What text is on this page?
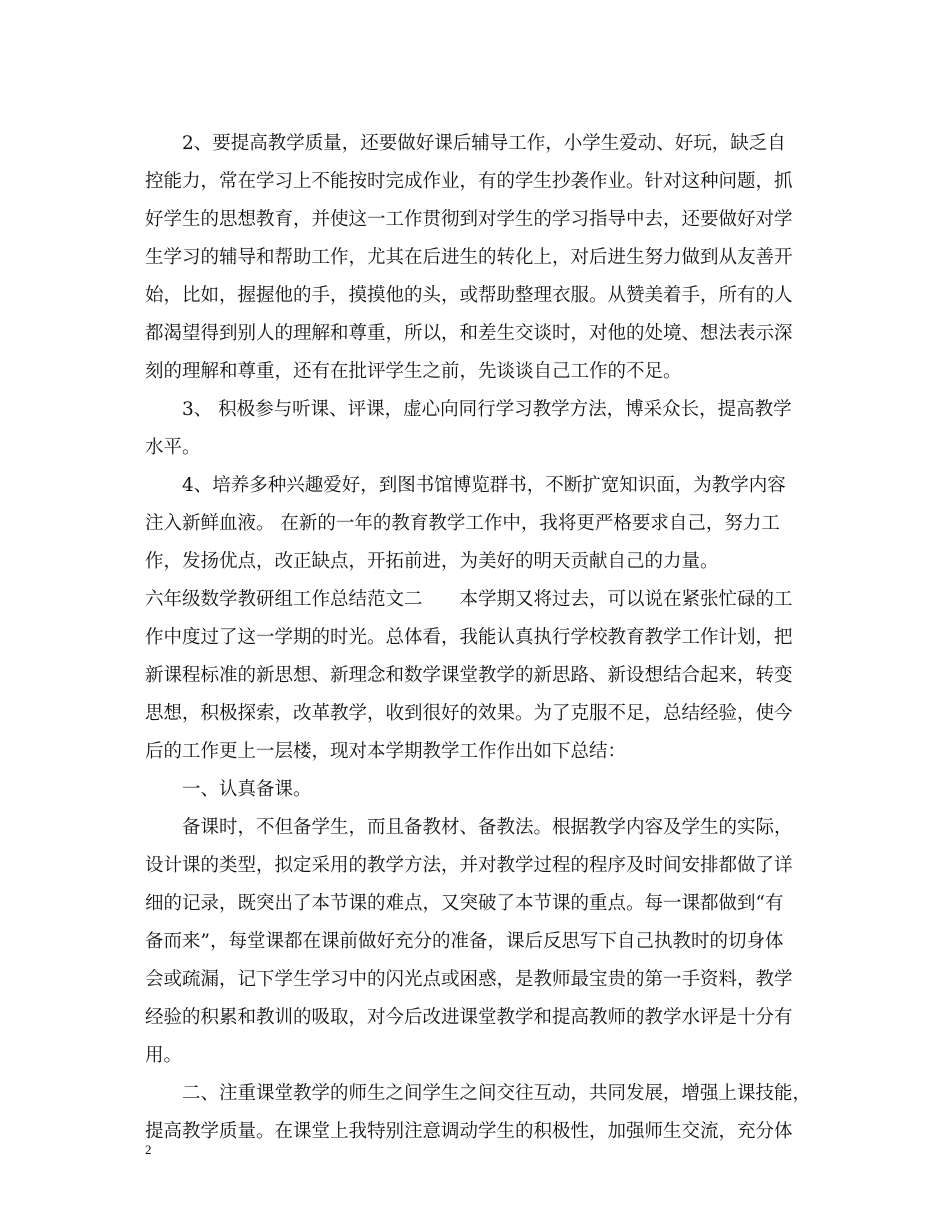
2、要提高教学质量，还要做好课后辅导工作，小学生爱动、好玩，缺乏自
控能力，常在学习上不能按时完成作业，有的学生抄袭作业。针对这种问题，抓
好学生的思想教育，并使这一工作贯彻到对学生的学习指导中去，还要做好对学
生学习的辅导和帮助工作，尤其在后进生的转化上，对后进生努力做到从友善开
始，比如，握握他的手，摸摸他的头，或帮助整理衣服。从赞美着手，所有的人
都渴望得到别人的理解和尊重，所以，和差生交谈时，对他的处境、想法表示深
刻的理解和尊重，还有在批评学生之前，先谈谈自己工作的不足。
3、 积极参与听课、评课，虚心向同行学习教学方法，博采众长，提高教学
水平。
4、培养多种兴趣爱好，到图书馆博览群书，不断扩宽知识面，为教学内容
注入新鲜血液。 在新的一年的教育教学工作中，我将更严格要求自己，努力工
作，发扬优点，改正缺点，开拓前进，为美好的明天贡献自己的力量。
六年级数学教研组工作总结范文二　　本学期又将过去，可以说在紧张忙碌的工
作中度过了这一学期的时光。总体看，我能认真执行学校教育教学工作计划，把
新课程标准的新思想、新理念和数学课堂教学的新思路、新设想结合起来，转变
思想，积极探索，改革教学，收到很好的效果。为了克服不足，总结经验，使今
后的工作更上一层楼，现对本学期教学工作作出如下总结：
一、认真备课。
备课时，不但备学生，而且备教材、备教法。根据教学内容及学生的实际，
设计课的类型，拟定采用的教学方法，并对教学过程的程序及时间安排都做了详
细的记录，既突出了本节课的难点，又突破了本节课的重点。每一课都做到“有
备而来”，每堂课都在课前做好充分的准备，课后反思写下自己执教时的切身体
会或疏漏，记下学生学习中的闪光点或困惑，是教师最宝贵的第一手资料，教学
经验的积累和教训的吸取，对今后改进课堂教学和提高教师的教学水评是十分有
用。
二、注重课堂教学的师生之间学生之间交往互动，共同发展，增强上课技能，
提高教学质量。在课堂上我特别注意调动学生的积极性，加强师生交流，充分体
2
